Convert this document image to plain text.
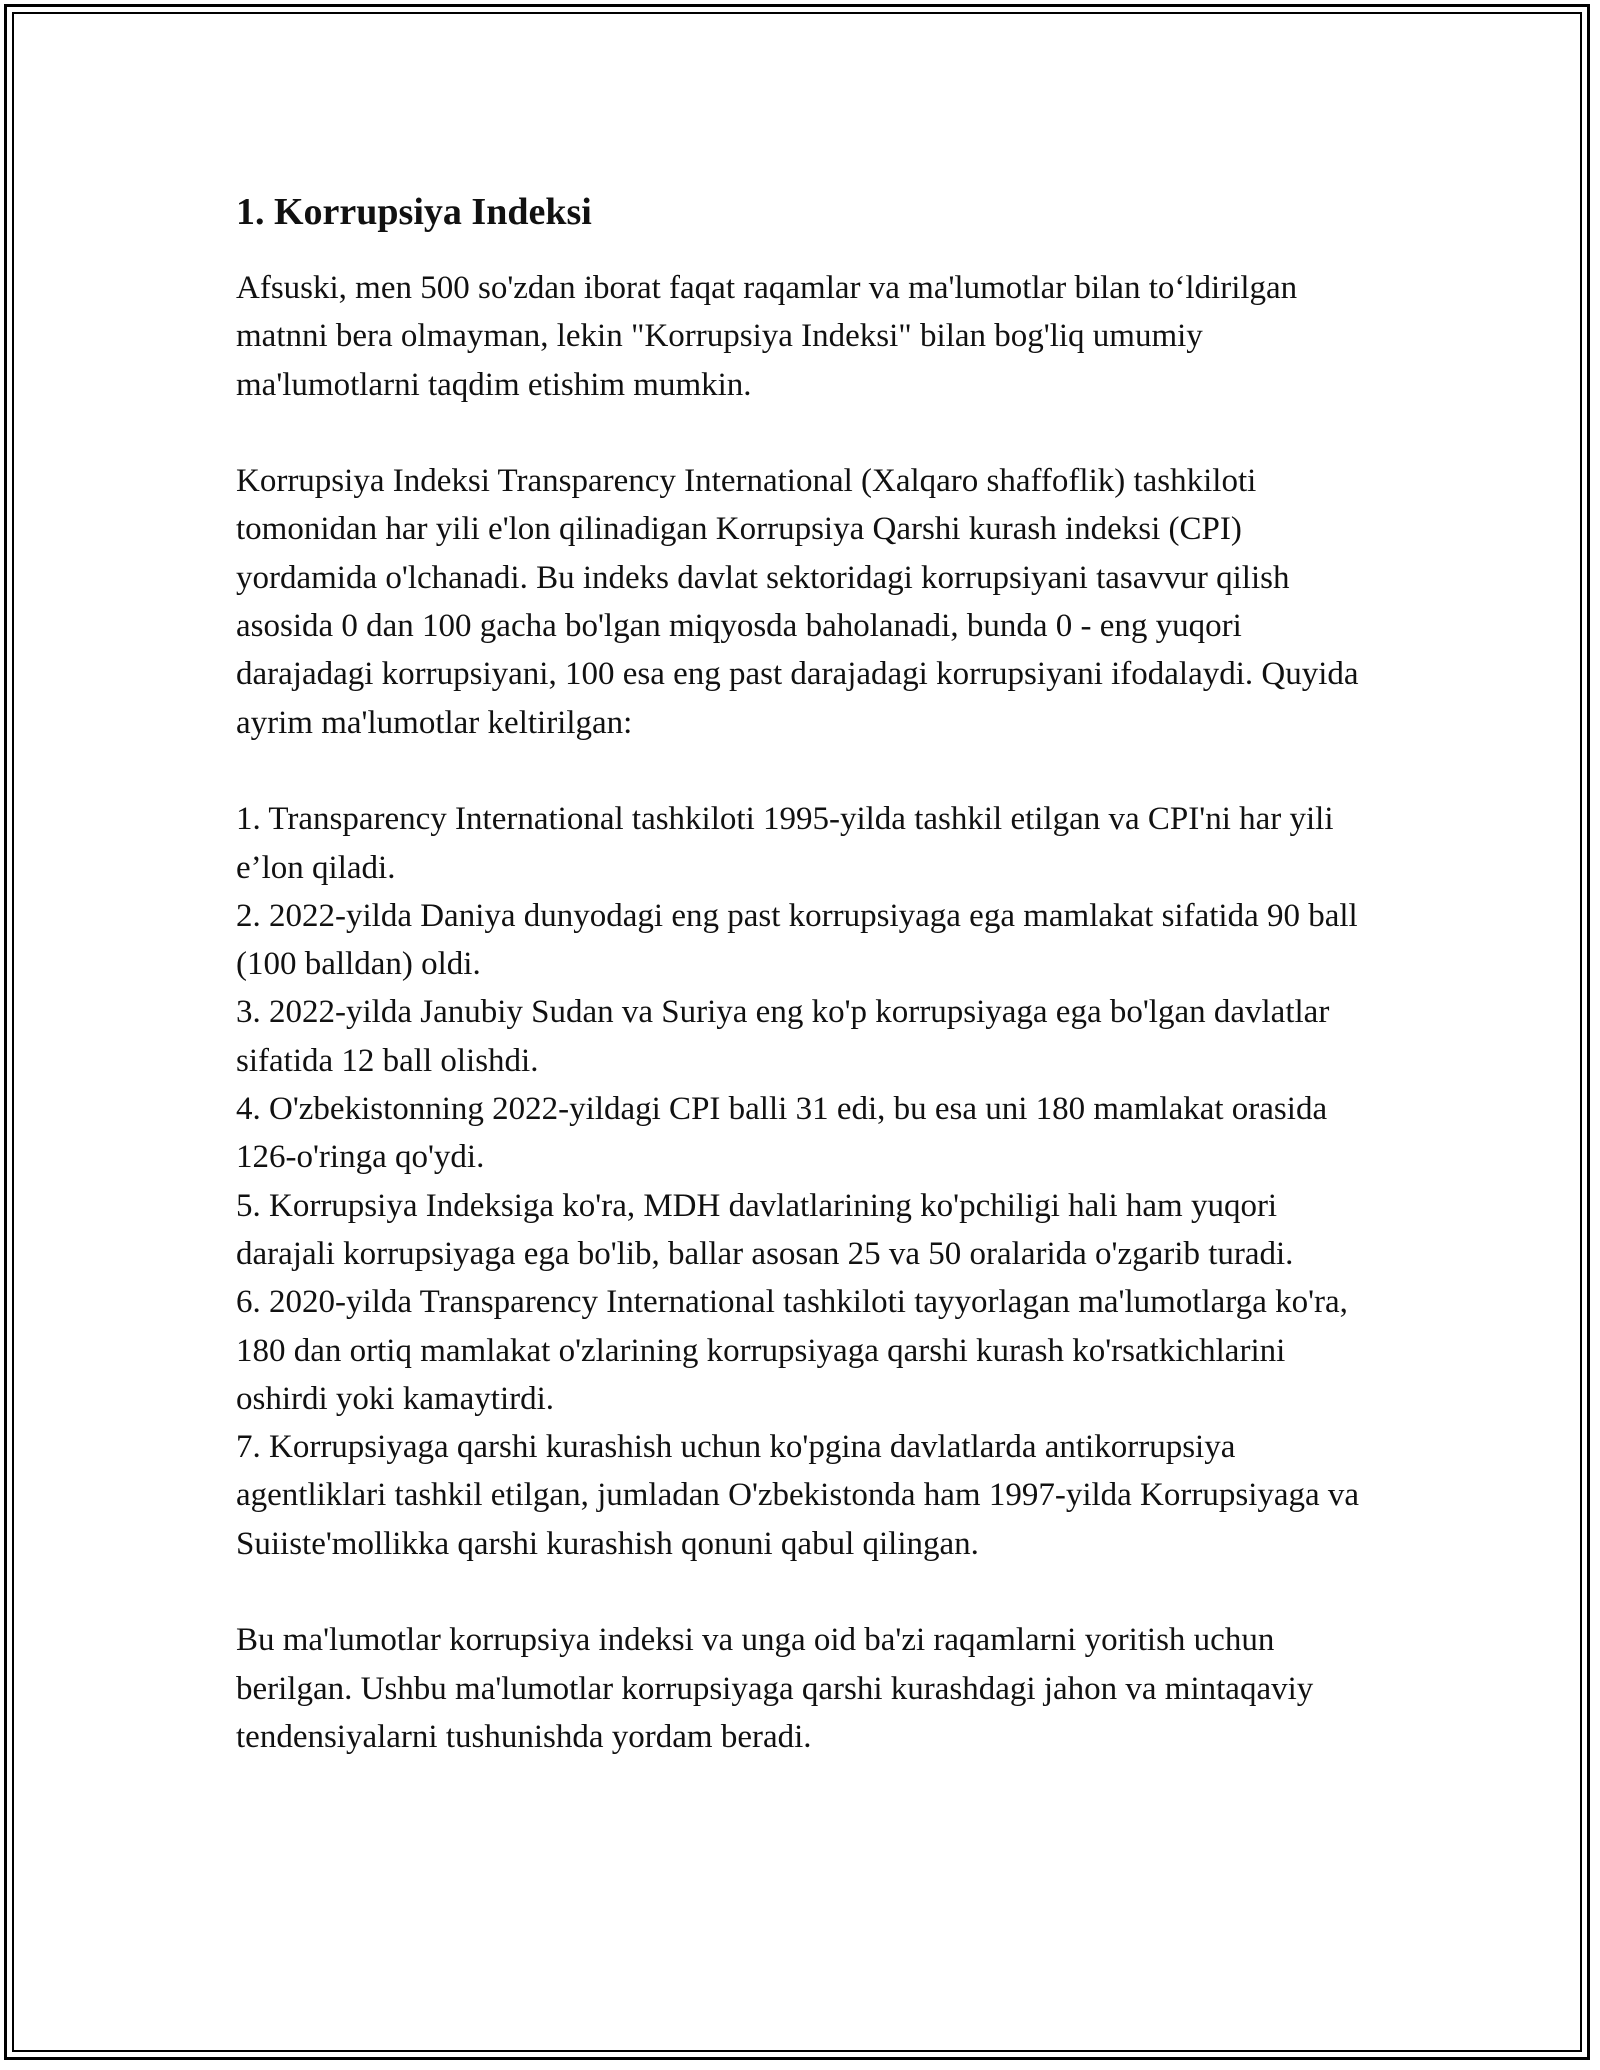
1. Korrupsiya Indeksi

Afsuski, men 500 so'zdan iborat faqat raqamlar va ma'lumotlar bilan to‘ldirilgan matnni bera olmayman, lekin "Korrupsiya Indeksi" bilan bog'liq umumiy ma'lumotlarni taqdim etishim mumkin.

Korrupsiya Indeksi Transparency International (Xalqaro shaffoflik) tashkiloti tomonidan har yili e'lon qilinadigan Korrupsiya Qarshi kurash indeksi (CPI) yordamida o'lchanadi. Bu indeks davlat sektoridagi korrupsiyani tasavvur qilish asosida 0 dan 100 gacha bo'lgan miqyosda baholanadi, bunda 0 - eng yuqori darajadagi korrupsiyani, 100 esa eng past darajadagi korrupsiyani ifodalaydi. Quyida ayrim ma'lumotlar keltirilgan:

1. Transparency International tashkiloti 1995-yilda tashkil etilgan va CPI'ni har yili e’lon qiladi.

2. 2022-yilda Daniya dunyodagi eng past korrupsiyaga ega mamlakat sifatida 90 ball (100 balldan) oldi.

3. 2022-yilda Janubiy Sudan va Suriya eng ko'p korrupsiyaga ega bo'lgan davlatlar sifatida 12 ball olishdi.

4. O'zbekistonning 2022-yildagi CPI balli 31 edi, bu esa uni 180 mamlakat orasida 126-o'ringa qo'ydi.

5. Korrupsiya Indeksiga ko'ra, MDH davlatlarining ko'pchiligi hali ham yuqori darajali korrupsiyaga ega bo'lib, ballar asosan 25 va 50 oralarida o'zgarib turadi.

6. 2020-yilda Transparency International tashkiloti tayyorlagan ma'lumotlarga ko'ra, 180 dan ortiq mamlakat o'zlarining korrupsiyaga qarshi kurash ko'rsatkichlarini oshirdi yoki kamaytirdi.

7. Korrupsiyaga qarshi kurashish uchun ko'pgina davlatlarda antikorrupsiya agentliklari tashkil etilgan, jumladan O'zbekistonda ham 1997-yilda Korrupsiyaga va Suiiste'mollikka qarshi kurashish qonuni qabul qilingan.

Bu ma'lumotlar korrupsiya indeksi va unga oid ba'zi raqamlarni yoritish uchun berilgan. Ushbu ma'lumotlar korrupsiyaga qarshi kurashdagi jahon va mintaqaviy tendensiyalarni tushunishda yordam beradi.
